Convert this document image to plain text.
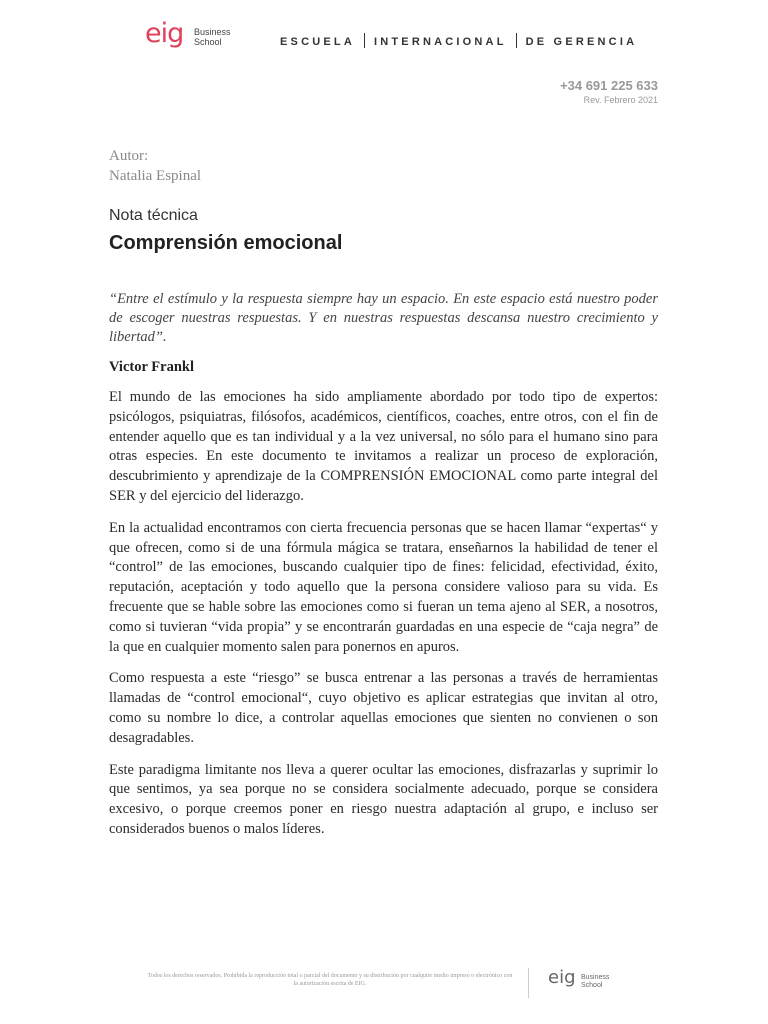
eig Business
School	ESCUELA INTERNACIONAL DE GERENCIA
+34 691 225 633
Rev. Febrero 2021
Autor:
Natalia Espinal
Nota técnica
Comprensión emocional

“Entre el estímulo y la respuesta siempre hay un espacio. En este espacio está nuestro poder de escoger nuestras respuestas. Y en nuestras respuestas descansa nuestro crecimiento y libertad”.

Victor Frankl

El mundo de las emociones ha sido ampliamente abordado por todo tipo de expertos: psicólogos, psiquiatras, filósofos, académicos, científicos, coaches, entre otros, con el fin de entender aquello que es tan individual y a la vez universal, no sólo para el humano sino para otras especies. En este documento te invitamos a realizar un proceso de exploración, descubrimiento y aprendizaje de la COMPRENSIÓN EMOCIONAL como parte integral del SER y del ejercicio del liderazgo.

En la actualidad encontramos con cierta frecuencia personas que se hacen llamar “expertas“ y que ofrecen, como si de una fórmula mágica se tratara, enseñarnos la habilidad de tener el “control” de las emociones, buscando cualquier tipo de fines: felicidad, efectividad, éxito, reputación, aceptación y todo aquello que la persona considere valioso para su vida. Es frecuente que se hable sobre las emociones como si fueran un tema ajeno al SER, a nosotros, como si tuvieran “vida propia” y se encontrarán guardadas en una especie de “caja negra” de la que en cualquier momento salen para ponernos en apuros.

Como respuesta a este “riesgo” se busca entrenar a las personas a través de herramientas llamadas de “control emocional“, cuyo objetivo es aplicar estrategias que invitan al otro, como su nombre lo dice, a controlar aquellas emociones que sienten no convienen o son desagradables.

Este paradigma limitante nos lleva a querer ocultar las emociones, disfrazarlas y suprimir lo que sentimos, ya sea porque no se considera socialmente adecuado, porque se considera excesivo, o porque creemos poner en riesgo nuestra adaptación al grupo, e incluso ser considerados buenos o malos líderes.

Todos los derechos reservados. Prohibida la reproducción total o parcial del documento y su distribución por cualquier medio impreso o electrónico con la autorización escrita de EIG.	eig Business
School
